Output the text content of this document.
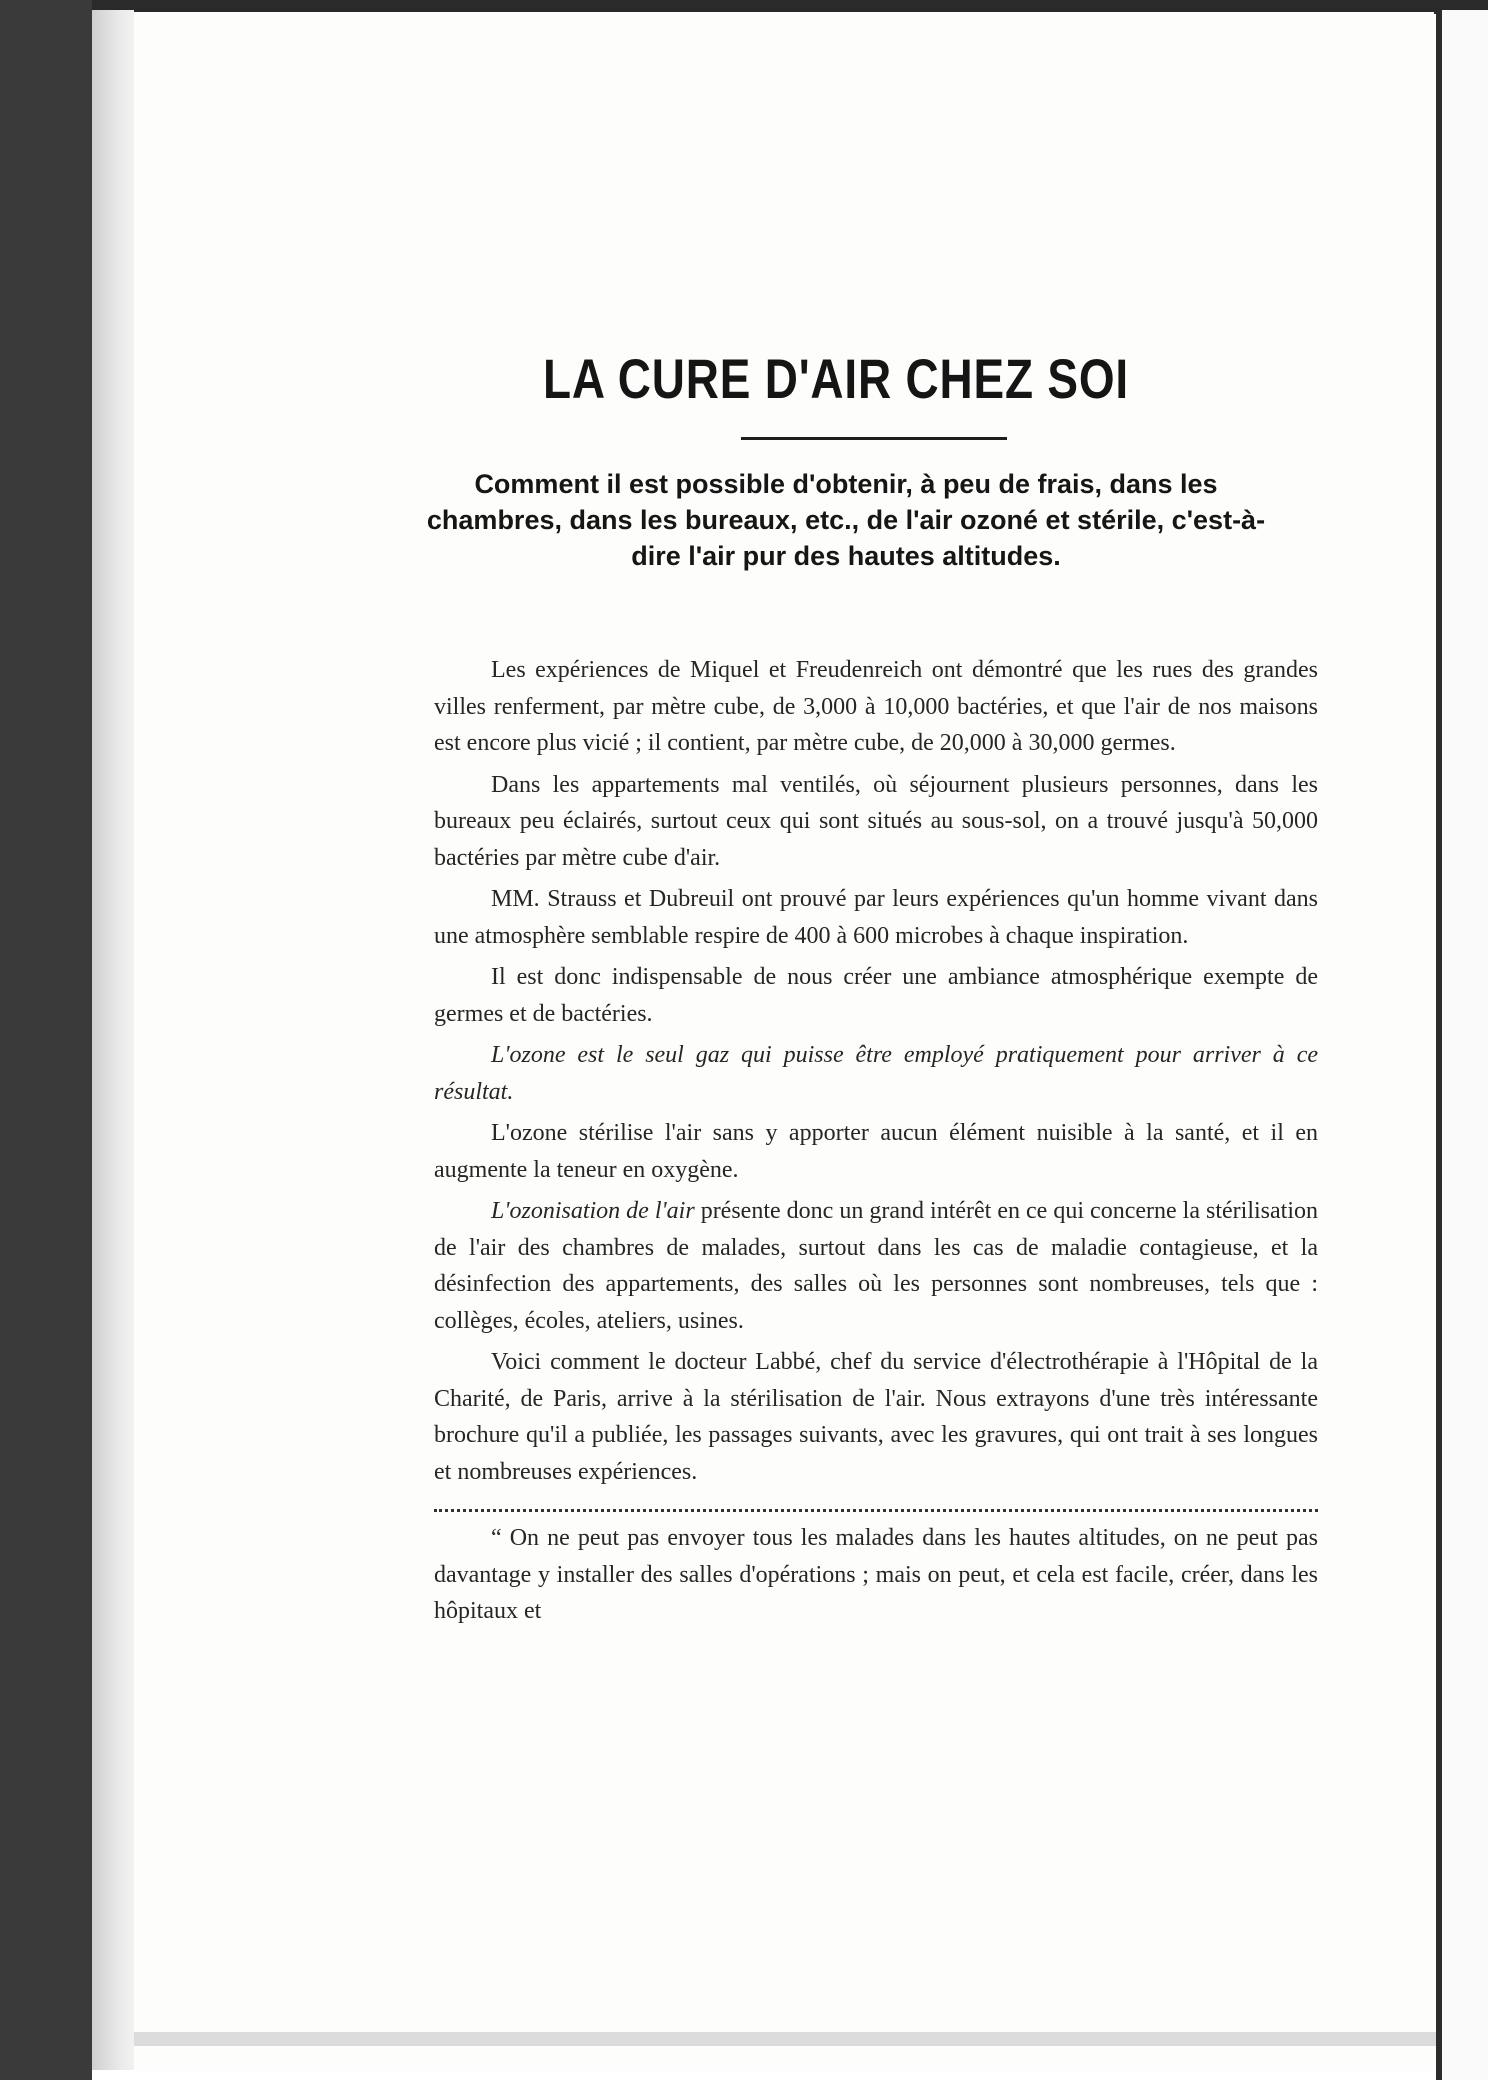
LA CURE D'AIR CHEZ SOI
Comment il est possible d'obtenir, à peu de frais, dans les chambres, dans les bureaux, etc., de l'air ozoné et stérile, c'est-à-dire l'air pur des hautes altitudes.

Les expériences de Miquel et Freudenreich ont démontré que les rues des grandes villes renferment, par mètre cube, de 3,000 à 10,000 bactéries, et que l'air de nos maisons est encore plus vicié ; il contient, par mètre cube, de 20,000 à 30,000 germes.

Dans les appartements mal ventilés, où séjournent plusieurs personnes, dans les bureaux peu éclairés, surtout ceux qui sont situés au sous-sol, on a trouvé jusqu'à 50,000 bactéries par mètre cube d'air.

MM. Strauss et Dubreuil ont prouvé par leurs expériences qu'un homme vivant dans une atmosphère semblable respire de 400 à 600 microbes à chaque inspiration.

Il est donc indispensable de nous créer une ambiance atmosphérique exempte de germes et de bactéries.

L'ozone est le seul gaz qui puisse être employé pratiquement pour arriver à ce résultat.

L'ozone stérilise l'air sans y apporter aucun élément nuisible à la santé, et il en augmente la teneur en oxygène.

L'ozonisation de l'air présente donc un grand intérêt en ce qui concerne la stérilisation de l'air des chambres de malades, surtout dans les cas de maladie contagieuse, et la désinfection des appartements, des salles où les personnes sont nombreuses, tels que : collèges, écoles, ateliers, usines.

Voici comment le docteur Labbé, chef du service d'électrothérapie à l'Hôpital de la Charité, de Paris, arrive à la stérilisation de l'air. Nous extrayons d'une très intéressante brochure qu'il a publiée, les passages suivants, avec les gravures, qui ont trait à ses longues et nombreuses expériences.

“ On ne peut pas envoyer tous les malades dans les hautes altitudes, on ne peut pas davantage y installer des salles d'opérations ; mais on peut, et cela est facile, créer, dans les hôpitaux et
